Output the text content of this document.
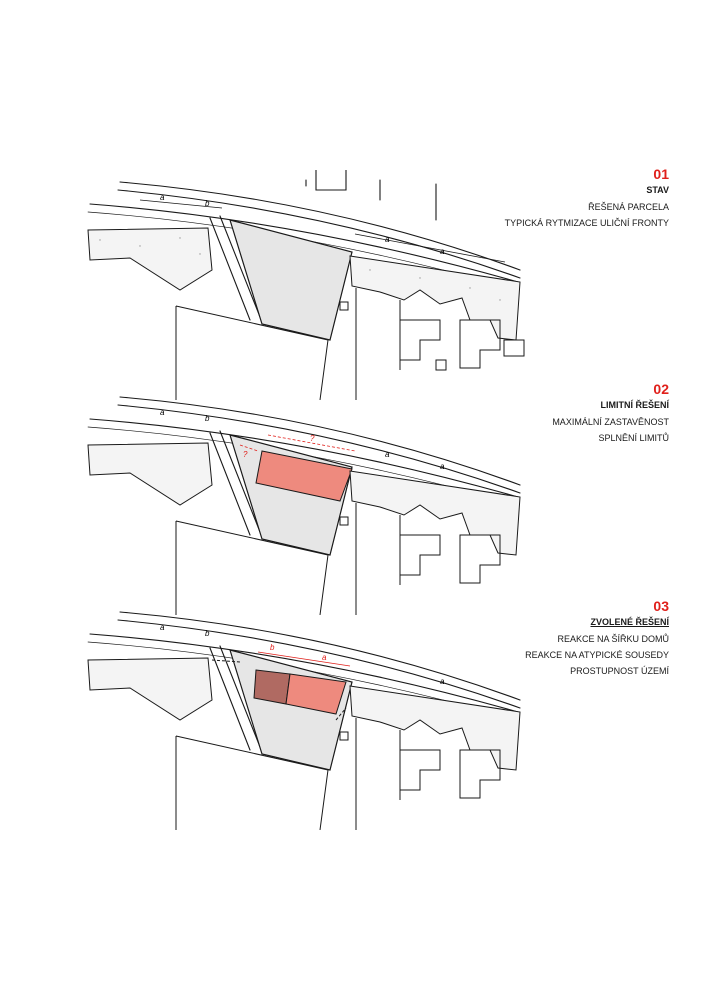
a
b
a
a
?
?
a
b
a
a
b
a
a
b
a
01
STAV
ŘEŠENÁ PARCELA
TYPICKÁ RYTMIZACE ULIČNÍ FRONTY
02
LIMITNÍ ŘEŠENÍ
MAXIMÁLNÍ ZASTAVĚNOST
SPLNĚNÍ LIMITŮ
03
ZVOLENÉ ŘEŠENÍ
REAKCE NA ŠÍŘKU DOMŮ
REAKCE NA ATYPICKÉ SOUSEDY
PROSTUPNOST ÚZEMÍ
